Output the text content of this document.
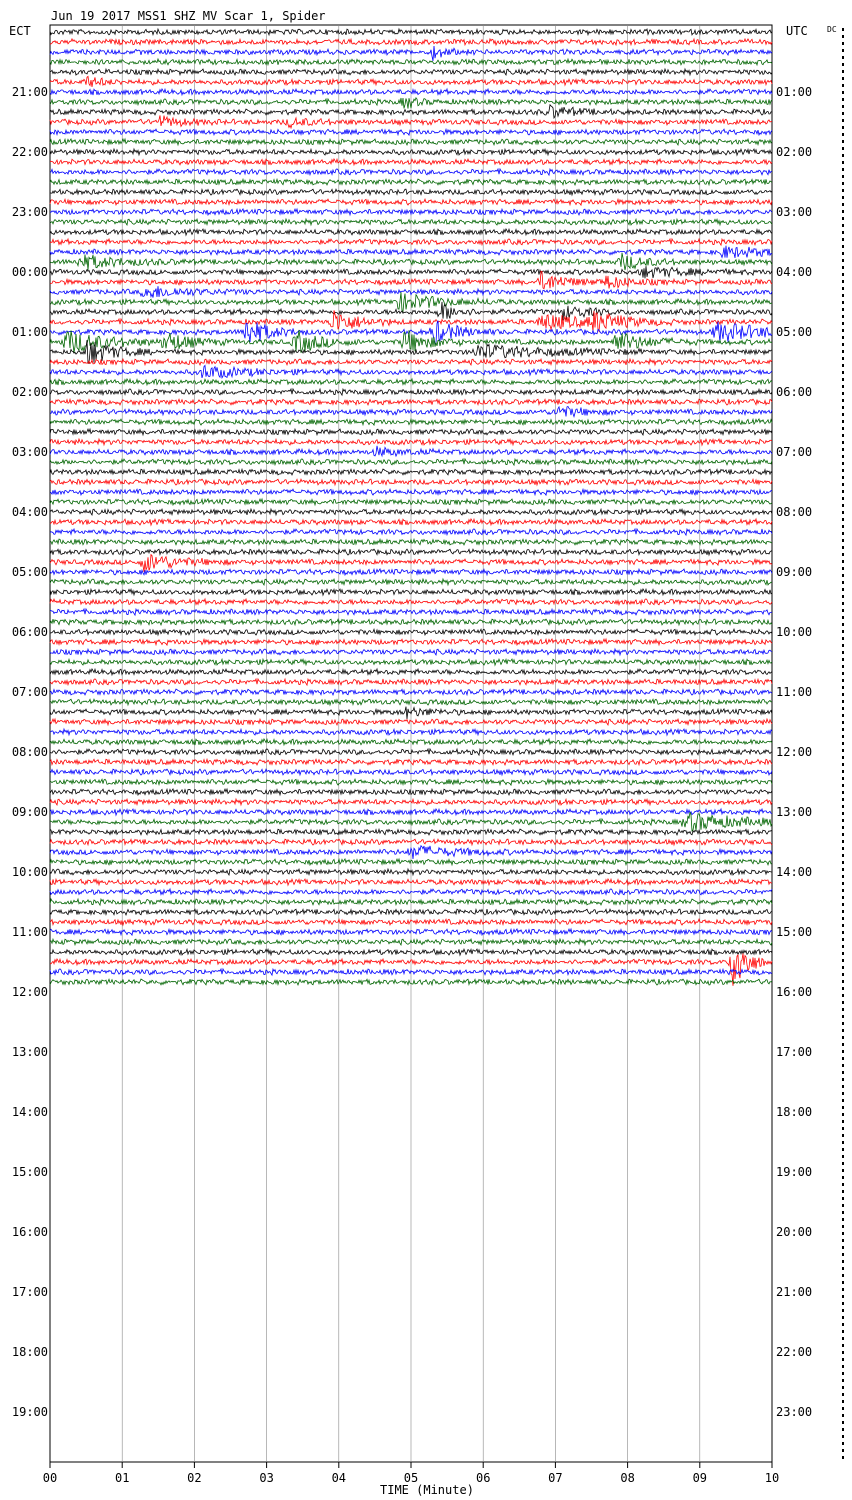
Jun 19 2017 MSS1 SHZ MV Scar 1, Spider
ECT	UTC DC
21:00
22:00
23:00
00:00
01:00
02:00
03:00
04:00
05:00
06:00
07:00
08:00
09:00
10:00
11:00
12:00
13:00
14:00
15:00
16:00
17:00
18:00
19:00
01:00
02:00
03:00
04:00
05:00
06:00
07:00
08:00
09:00
10:00
11:00
12:00
13:00
14:00
15:00
16:00
17:00
18:00
19:00
20:00
21:00
22:00
23:00
00	01	02	03	04	05	06	07	08	09	10
TIME (Minute)
